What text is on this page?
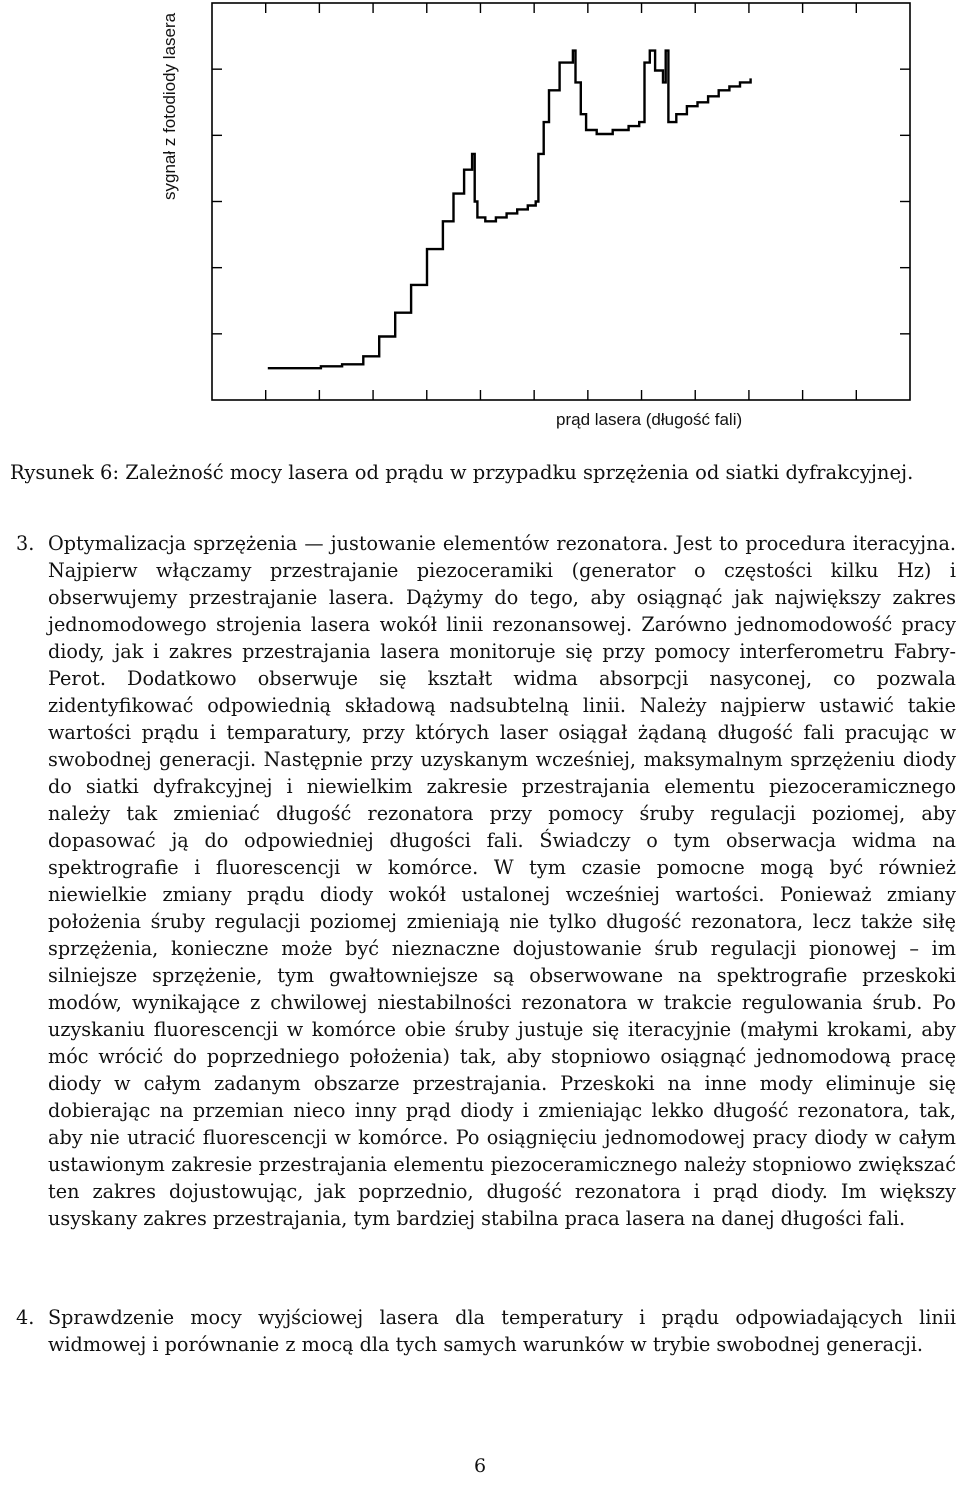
sygnał z fotodiody lasera
prąd lasera (długość fali)
Rysunek 6: Zależność mocy lasera od prądu w przypadku sprzężenia od siatki dyfrakcyjnej.
3. Optymalizacja sprzężenia — justowanie elementów rezonatora. Jest to procedura iteracyjna. Najpierw włączamy przestrajanie piezoceramiki (generator o częstości kilku Hz) i obserwujemy przestrajanie lasera. Dążymy do tego, aby osiągnąć jak największy zakres jednomodowego strojenia lasera wokół linii rezonansowej. Zarówno jednomodowość pracy diody, jak i zakres przestrajania lasera monitoruje się przy pomocy interferometru Fabry-Perot. Dodatkowo obserwuje się kształt widma absorpcji nasyconej, co pozwala zidentyfikować odpowiednią składową nadsubtelną linii. Należy najpierw ustawić takie wartości prądu i temparatury, przy których laser osiągał żądaną długość fali pracując w swobodnej generacji. Następnie przy uzyskanym wcześniej, maksymalnym sprzężeniu diody do siatki dyfrakcyjnej i niewielkim zakresie przestrajania elementu piezoceramicznego należy tak zmieniać długość rezonatora przy pomocy śruby regulacji poziomej, aby dopasować ją do odpowiedniej długości fali. Świadczy o tym obserwacja widma na spektrografie i fluorescencji w komórce. W tym czasie pomocne mogą być również niewielkie zmiany prądu diody wokół ustalonej wcześniej wartości. Ponieważ zmiany położenia śruby regulacji poziomej zmieniają nie tylko długość rezonatora, lecz także siłę sprzężenia, konieczne może być nieznaczne dojustowanie śrub regulacji pionowej – im silniejsze sprzężenie, tym gwałtowniejsze są obserwowane na spektrografie przeskoki modów, wynikające z chwilowej niestabilności rezonatora w trakcie regulowania śrub. Po uzyskaniu fluorescencji w komórce obie śruby justuje się iteracyjnie (małymi krokami, aby móc wrócić do poprzedniego położenia) tak, aby stopniowo osiągnąć jednomodową pracę diody w całym zadanym obszarze przestrajania. Przeskoki na inne mody eliminuje się dobierając na przemian nieco inny prąd diody i zmieniając lekko długość rezonatora, tak, aby nie utracić fluorescencji w komórce. Po osiągnięciu jednomodowej pracy diody w całym ustawionym zakresie przestrajania elementu piezoceramicznego należy stopniowo zwiększać ten zakres dojustowując, jak poprzednio, długość rezonatora i prąd diody. Im większy usyskany zakres przestrajania, tym bardziej stabilna praca lasera na danej długości fali.
4. Sprawdzenie mocy wyjściowej lasera dla temperatury i prądu odpowiadających linii widmowej i porównanie z mocą dla tych samych warunków w trybie swobodnej generacji.
6
